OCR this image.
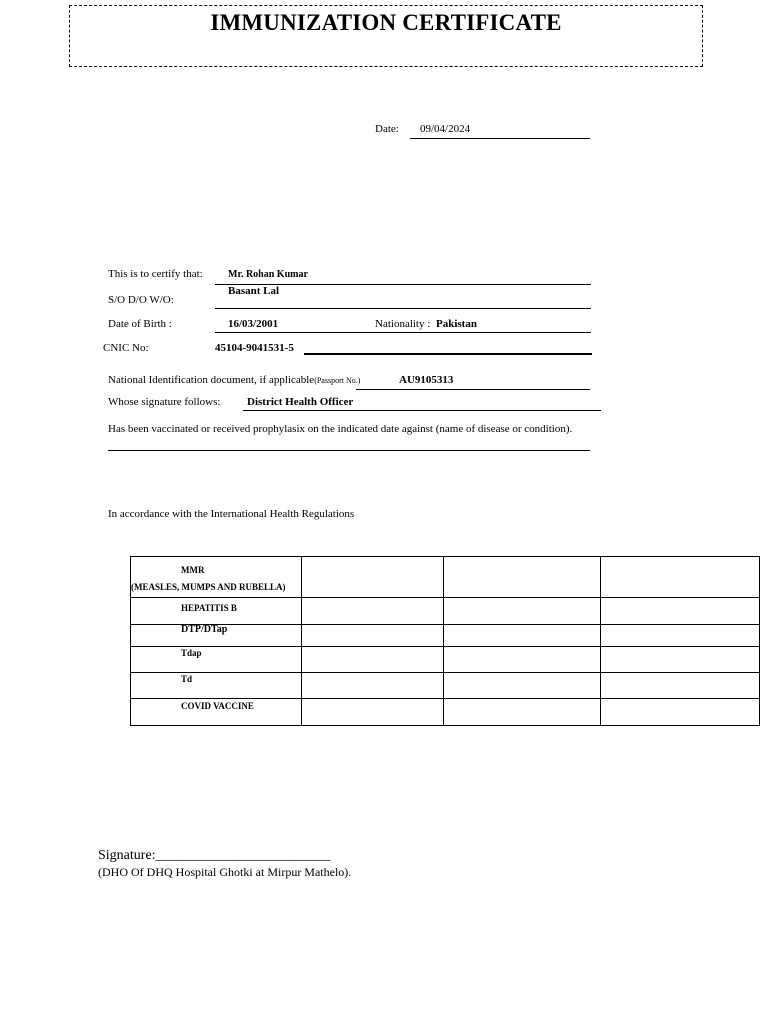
IMMUNIZATION CERTIFICATE
Date: 09/04/2024
This is to certify that:	Mr. Rohan Kumar
S/O D/O W/O:
Basant Lal
Date of Birth :	16/03/2001	Nationality : Pakistan
CNIC No:	45104-9041531-5
National Identification document, if applicable(Passport No.)	AU9105313
Whose signature follows: District Health Officer
Has been vaccinated or received prophylasix on the indicated date against (name of disease or condition).
In accordance with the International Health Regulations
MMR
(MEASLES, MUMPS AND RUBELLA)			

HEPATITIS B			
DTP/DTap			
Tdap			
Td			
COVID VACCINE			
Signature:_________________________
(DHO Of DHQ Hospital Ghotki at Mirpur Mathelo).
